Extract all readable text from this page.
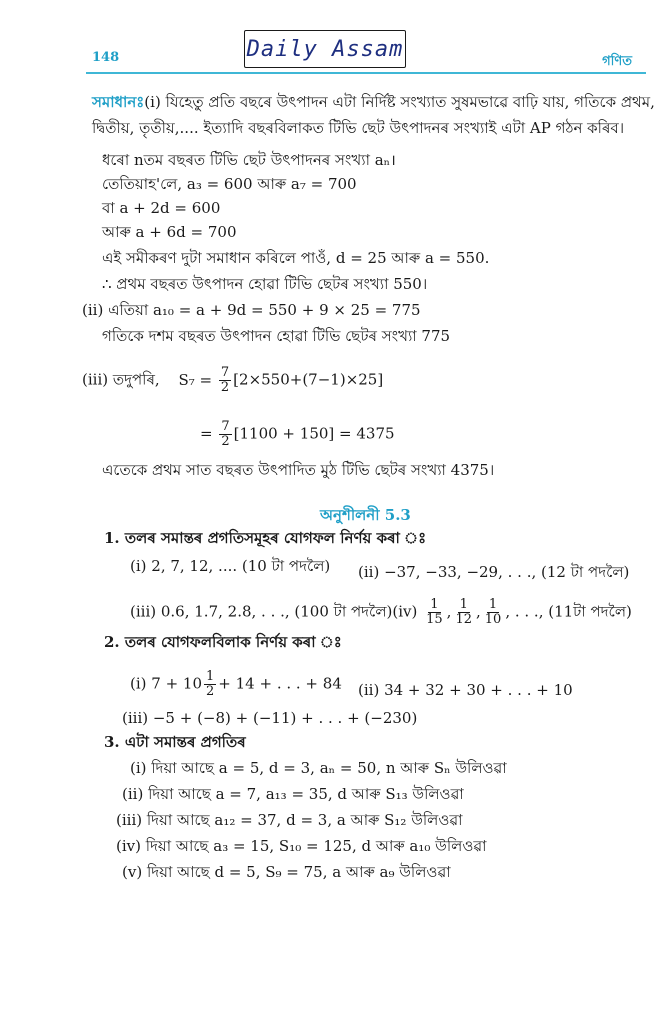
148	Daily Assam	গণিত
সমাধানঃ(i) যিহেতু প্ৰতি বছৰে উৎপাদন এটা নিৰ্দিষ্ট সংখ্যাত সুষমভাৱে বাঢ়ি যায়, গতিকে প্ৰথম,
দ্বিতীয়, তৃতীয়,.... ইত্যাদি বছৰবিলাকত টিভি ছেট উৎপাদনৰ সংখ্যাই এটা AP গঠন কৰিব।
ধৰো nতম বছৰত টিভি ছেট উৎপাদনৰ সংখ্যা aₙ।
তেতিয়াহ'লে, a₃ = 600 আৰু a₇ = 700
বা a + 2d = 600
আৰু a + 6d = 700
এই সমীকৰণ দুটা সমাধান কৰিলে পাওঁ, d = 25 আৰু a = 550.
∴ প্ৰথম বছৰত উৎপাদন হোৱা টিভি ছেটৰ সংখ্যা 550।
(ii) এতিয়া a₁₀ = a + 9d = 550 + 9 × 25 = 775
গতিকে দশম বছৰত উৎপাদন হোৱা টিভি ছেটৰ সংখ্যা 775
(iii) তদুপৰি, $S_7 = \frac{7}{2} [2\times 550+(7-1)\times 25]$
= $\frac{7}{2} [1100 + 150] = 4375$
এতেকে প্ৰথম সাত বছৰত উৎপাদিত মুঠ টিভি ছেটৰ সংখ্যা 4375।
অনুশীলনী 5.3
1. তলৰ সমান্তৰ প্ৰগতিসমূহৰ যোগফল নিৰ্ণয় কৰা ঃ
(i) 2, 7, 12, .... (10 টা পদলৈ) (ii) −37, −33, −29, . . ., (12 টা পদলৈ)
(iii) 0.6, 1.7, 2.8, . . ., (100 টা পদলৈ)(iv) $\frac{1}{15}$ , $\frac{1}{12}$ , $\frac{1}{10}$ , . . ., (11টা পদলৈ)
2. তলৰ যোগফলবিলাক নিৰ্ণয় কৰা ঃ
(i) $7 + 10 \frac{1}{2} + 14$ + . . . + 84 (ii) 34 + 32 + 30 + . . . + 10
(iii) −5 + (−8) + (−11) + . . . + (−230)
3. এটা সমান্তৰ প্ৰগতিৰ
(i) দিয়া আছে a = 5, d = 3, aₙ = 50, n আৰু Sₙ উলিওৱা
(ii) দিয়া আছে a = 7, a₁₃ = 35, d আৰু S₁₃ উলিওৱা
(iii) দিয়া আছে a₁₂ = 37, d = 3, a আৰু S₁₂ উলিওৱা
(iv) দিয়া আছে a₃ = 15, S₁₀ = 125, d আৰু a₁₀ উলিওৱা
(v) দিয়া আছে d = 5, S₉ = 75, a আৰু a₉ উলিওৱা
